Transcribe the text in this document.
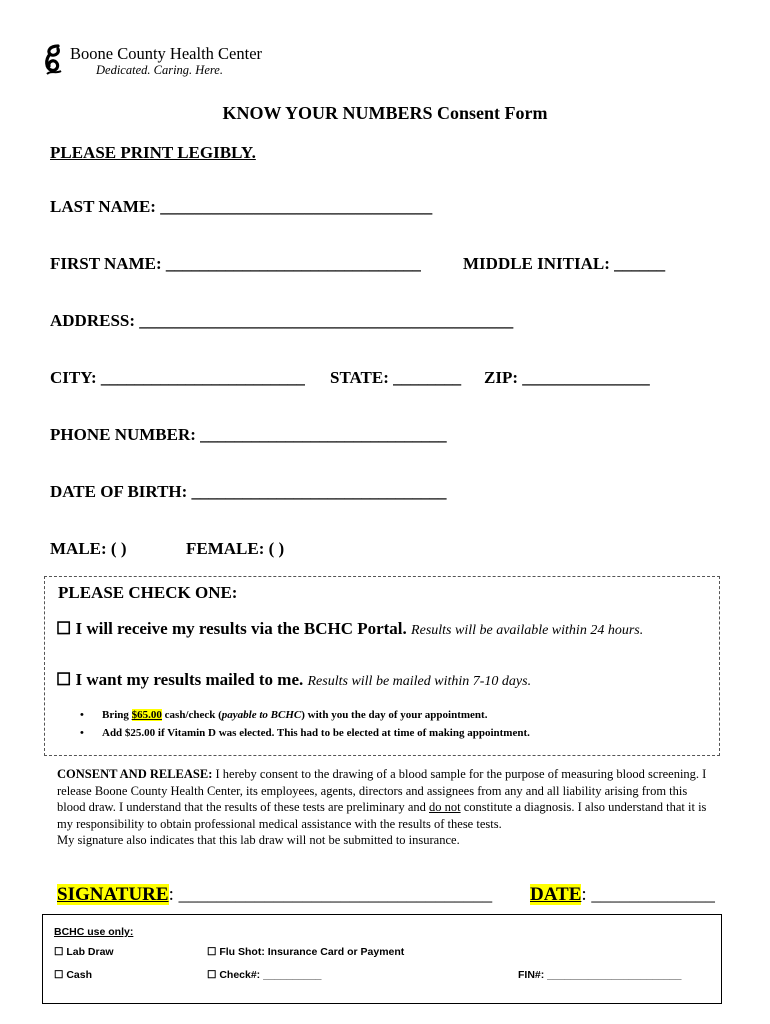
Boone County Health Center
Dedicated. Caring. Here.
KNOW YOUR NUMBERS Consent Form
PLEASE PRINT LEGIBLY.
LAST NAME: ________________________________
FIRST NAME: ______________________________ MIDDLE INITIAL: ______
ADDRESS: ____________________________________________
CITY: ________________________ STATE: ________ ZIP: _______________
PHONE NUMBER: _____________________________
DATE OF BIRTH: ______________________________
MALE: ( )	FEMALE: ( )
PLEASE CHECK ONE:
☐ I will receive my results via the BCHC Portal. Results will be available within 24 hours.
☐ I want my results mailed to me. Results will be mailed within 7-10 days.
• Bring $65.00 cash/check (payable to BCHC) with you the day of your appointment.
• Add $25.00 if Vitamin D was elected. This had to be elected at time of making appointment.
CONSENT AND RELEASE: I hereby consent to the drawing of a blood sample for the purpose of measuring blood screening. I release Boone County Health Center, its employees, agents, directors and assignees from any and all liability arising from this blood draw. I understand that the results of these tests are preliminary and do not constitute a diagnosis. I also understand that it is my responsibility to obtain professional medical assistance with the results of these tests.
My signature also indicates that this lab draw will not be submitted to insurance.
SIGNATURE: _________________________________ DATE: _____________
BCHC use only:
☐ Lab Draw
☐ Cash
☐ Flu Shot: Insurance Card or Payment
☐ Check#: __________	FIN#: _______________________
